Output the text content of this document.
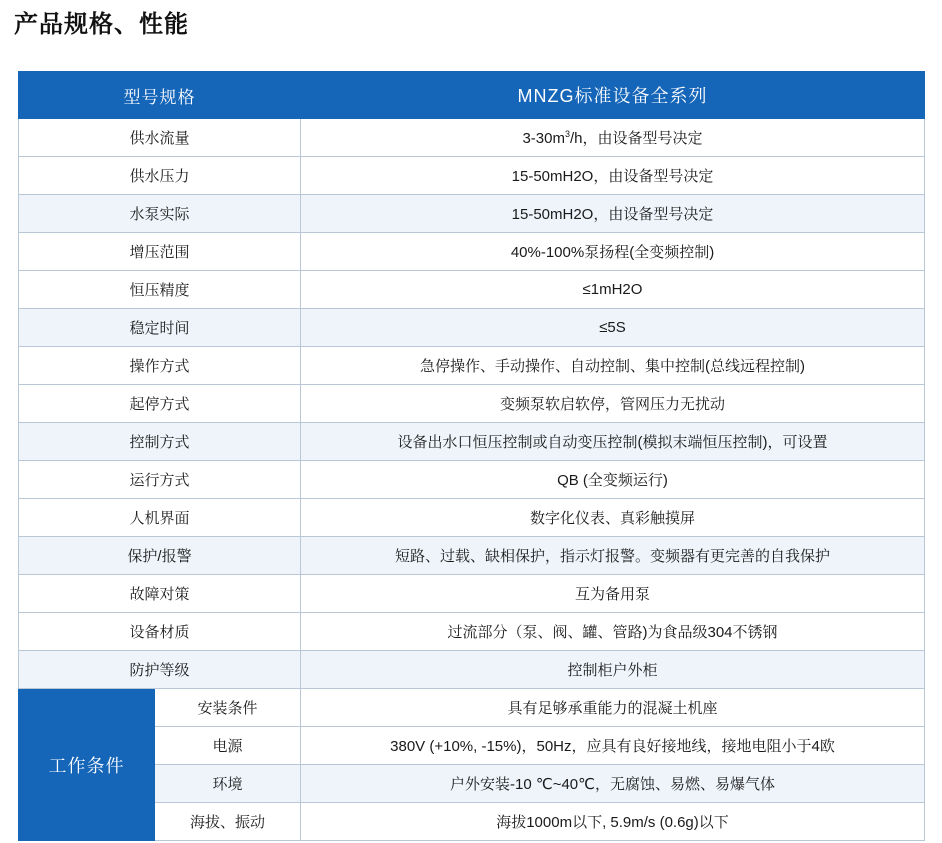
产品规格、性能
型号规格		MNZG标准设备全系列
供水流量		$3-30m^3/h$，由设备型号决定
供水压力		15-50mH2O，由设备型号决定
水泵实际		15-50mH2O，由设备型号决定
增压范围		40%-100%泵扬程(全变频控制)
恒压精度		≤1mH2O
稳定时间		≤5S
操作方式		急停操作、手动操作、自动控制、集中控制(总线远程控制)
起停方式		变频泵软启软停，管网压力无扰动
控制方式		设备出水口恒压控制或自动变压控制(模拟末端恒压控制)，可设置
运行方式		QB (全变频运行)
人机界面		数字化仪表、真彩触摸屏
保护/报警		短路、过载、缺相保护，指示灯报警。变频器有更完善的自我保护
故障对策		互为备用泵
设备材质		过流部分（泵、阀、罐、管路)为食品级304不锈钢
防护等级		控制柜户外柜
工作条件	安装条件	具有足够承重能力的混凝土机座
	电源	380V (+10%, -15%)，50Hz，应具有良好接地线，接地电阻小于4欧
	环境	户外安装-10 ℃~40℃，无腐蚀、易燃、易爆气体
	海拔、振动	海拔1000m以下, 5.9m/s (0.6g)以下
